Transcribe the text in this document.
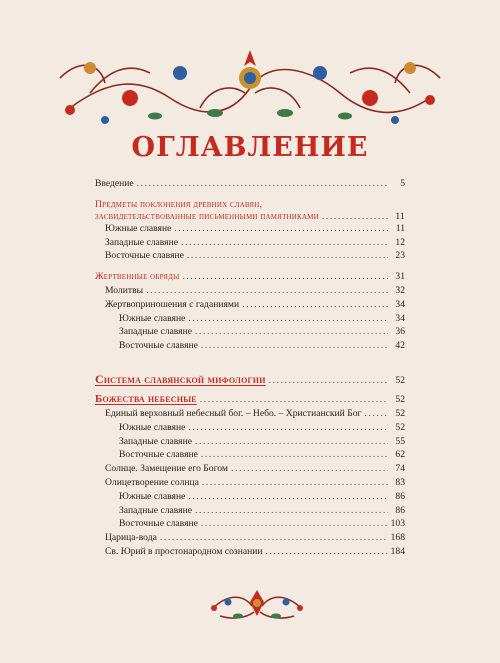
ОГЛАВЛЕНИЕ
Введение .....	5
Предметы поклонения древних славян,
засвидетельствованные письменными памятниками .....	11
Южные славяне .....	11
Западные славяне .....	12
Восточные славяне .....	23
Жертвенные обряды .....	31
Молитвы .....	32
Жертвоприношения с гаданиями .....	34
Южные славяне .....	34
Западные славяне .....	36
Восточные славяне .....	42
Система славянской мифологии .....	52
Божества небесные .....	52
Единый верховный небесный бог. – Небо. – Христианский Бог .....	52
Южные славяне .....	52
Западные славяне .....	55
Восточные славяне .....	62
Солнце. Замещение его Богом .....	74
Олицетворение солнца .....	83
Южные славяне .....	86
Западные славяне .....	86
Восточные славяне .....	103
Царица-вода .....	168
Св. Юрий в простонародном сознании .....	184
